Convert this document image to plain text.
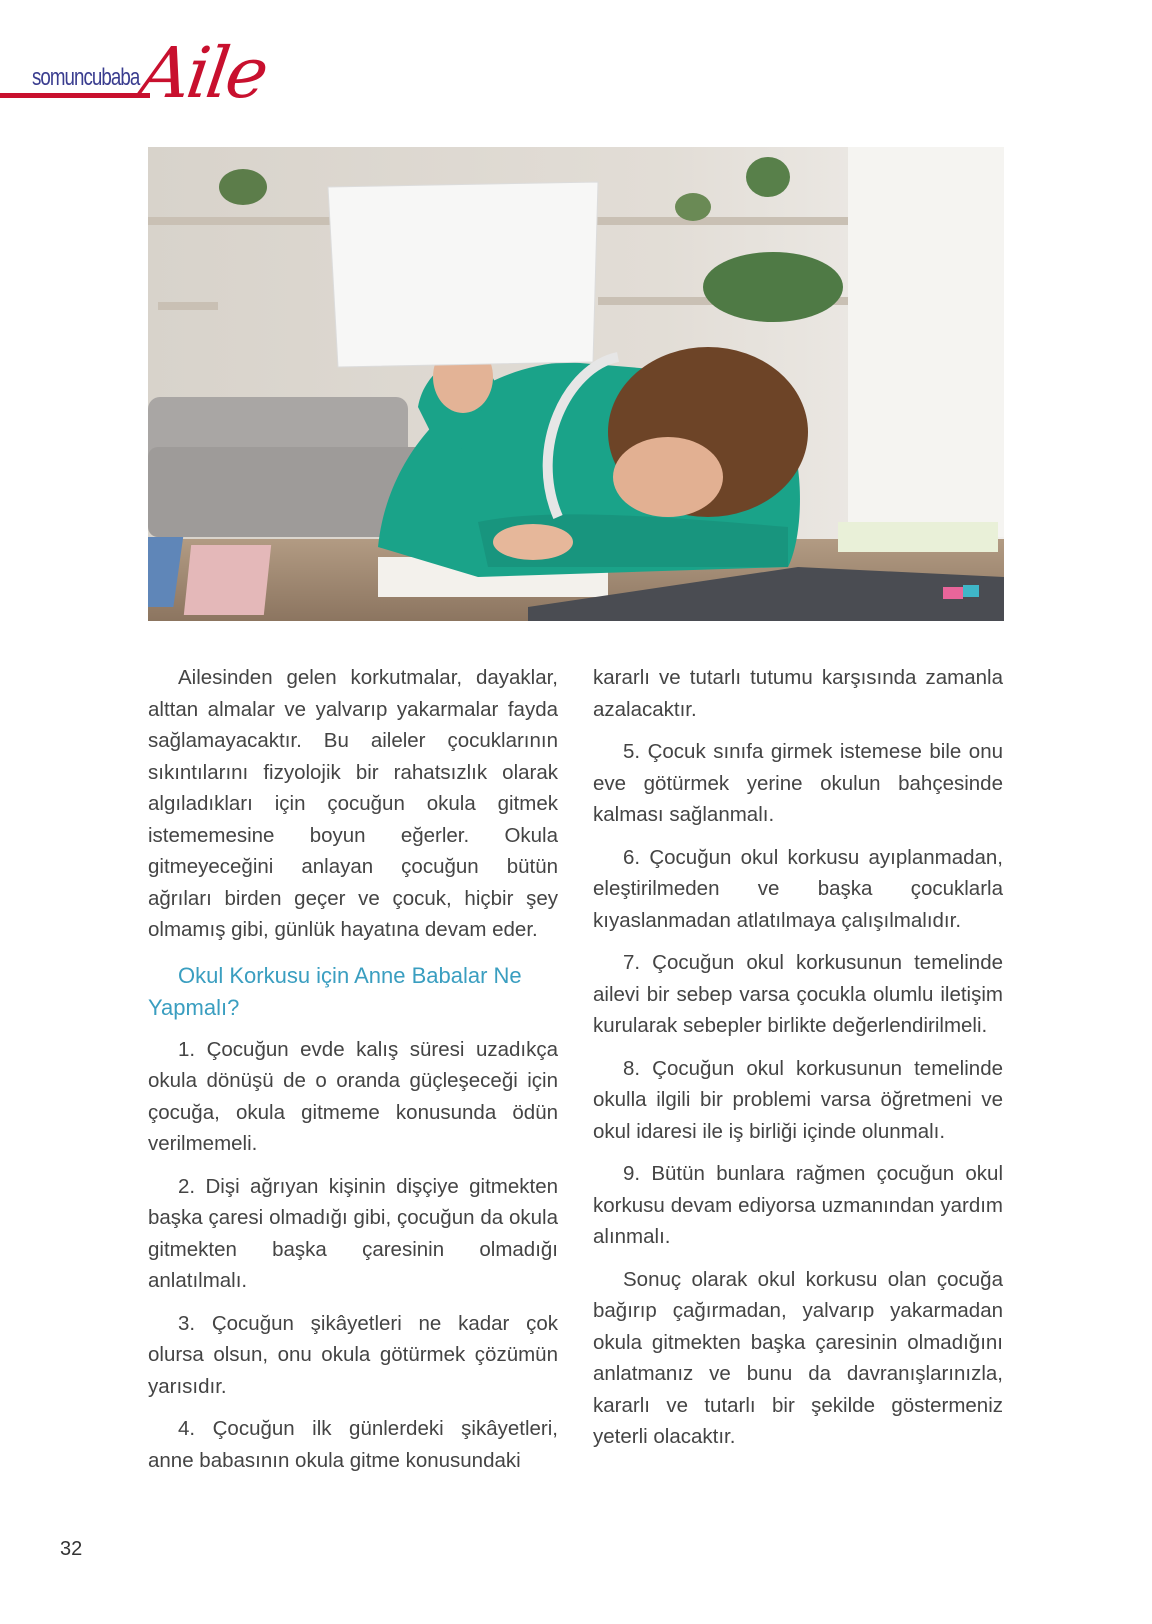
somuncubaba
Aile

Ailesinden gelen korkutmalar, dayaklar, alttan almalar ve yalvarıp yakarmalar fayda sağlamayacaktır. Bu aileler çocuklarının sıkıntılarını fizyolojik bir rahatsızlık olarak algıladıkları için çocuğun okula gitmek istememesine boyun eğerler. Okula gitmeyeceğini anlayan çocuğun bütün ağrıları birden geçer ve çocuk, hiçbir şey olmamış gibi, günlük hayatına devam eder.

Okul Korkusu için Anne Babalar Ne Yapmalı?

1. Çocuğun evde kalış süresi uzadıkça okula dönüşü de o oranda güçleşeceği için çocuğa, okula gitmeme konusunda ödün verilmemeli.

2. Dişi ağrıyan kişinin dişçiye gitmekten başka çaresi olmadığı gibi, çocuğun da okula gitmekten başka çaresinin olmadığı anlatılmalı.

3. Çocuğun şikâyetleri ne kadar çok olursa olsun, onu okula götürmek çözümün yarısıdır.

4. Çocuğun ilk günlerdeki şikâyetleri, anne babasının okula gitme konusundaki

kararlı ve tutarlı tutumu karşısında zamanla azalacaktır.

5. Çocuk sınıfa girmek istemese bile onu eve götürmek yerine okulun bahçesinde kalması sağlanmalı.

6. Çocuğun okul korkusu ayıplanmadan, eleştirilmeden ve başka çocuklarla kıyaslanmadan atlatılmaya çalışılmalıdır.

7. Çocuğun okul korkusunun temelinde ailevi bir sebep varsa çocukla olumlu iletişim kurularak sebepler birlikte değerlendirilmeli.

8. Çocuğun okul korkusunun temelinde okulla ilgili bir problemi varsa öğretmeni ve okul idaresi ile iş birliği içinde olunmalı.

9. Bütün bunlara rağmen çocuğun okul korkusu devam ediyorsa uzmanından yardım alınmalı.

Sonuç olarak okul korkusu olan çocuğa bağırıp çağırmadan, yalvarıp yakarmadan okula gitmekten başka çaresinin olmadığını anlatmanız ve bunu da davranışlarınızla, kararlı ve tutarlı bir şekilde göstermeniz yeterli olacaktır.

32
